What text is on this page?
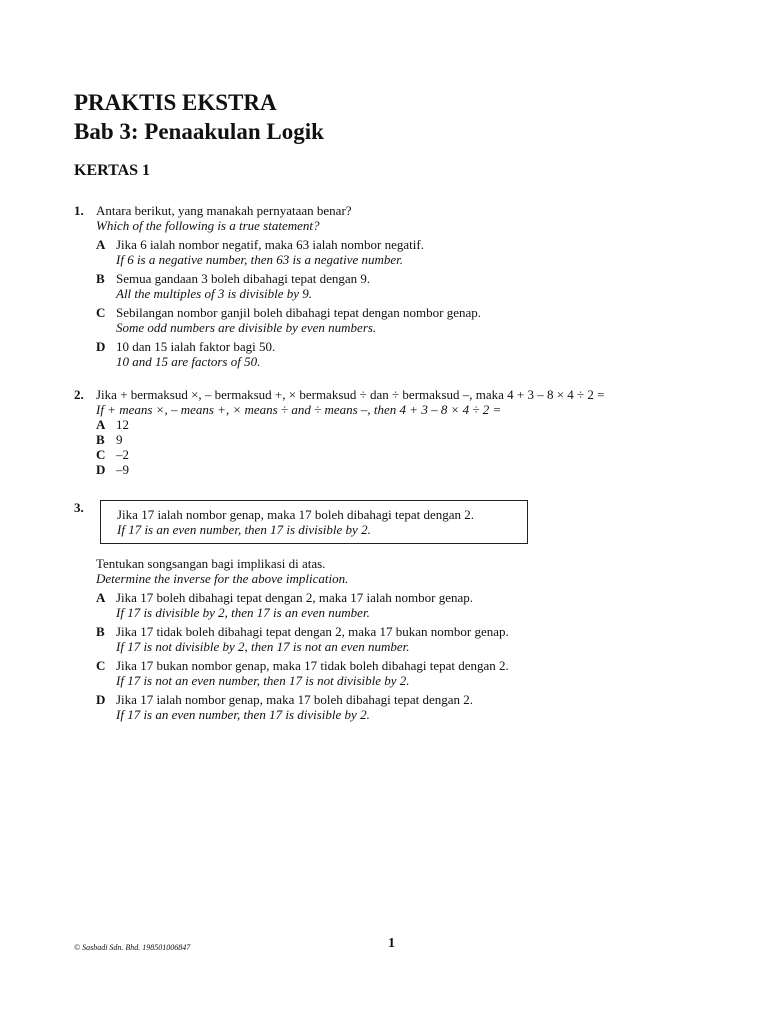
PRAKTIS EKSTRA
Bab 3: Penaakulan Logik
KERTAS 1
1. Antara berikut, yang manakah pernyataan benar?
Which of the following is a true statement?
A Jika 6 ialah nombor negatif, maka 63 ialah nombor negatif.
If 6 is a negative number, then 63 is a negative number.
B Semua gandaan 3 boleh dibahagi tepat dengan 9.
All the multiples of 3 is divisible by 9.
C Sebilangan nombor ganjil boleh dibahagi tepat dengan nombor genap.
Some odd numbers are divisible by even numbers.
D 10 dan 15 ialah faktor bagi 50.
10 and 15 are factors of 50.
2. Jika + bermaksud ×, – bermaksud +, × bermaksud ÷ dan ÷ bermaksud –, maka 4 + 3 – 8 × 4 ÷ 2 =
If + means ×, – means +, × means ÷ and ÷ means –, then 4 + 3 – 8 × 4 ÷ 2 =
A 12
B 9
C –2
D –9
3.	Jika 17 ialah nombor genap, maka 17 boleh dibahagi tepat dengan 2.
If 17 is an even number, then 17 is divisible by 2.
Tentukan songsangan bagi implikasi di atas.
Determine the inverse for the above implication.
A Jika 17 boleh dibahagi tepat dengan 2, maka 17 ialah nombor genap.
If 17 is divisible by 2, then 17 is an even number.
B Jika 17 tidak boleh dibahagi tepat dengan 2, maka 17 bukan nombor genap.
If 17 is not divisible by 2, then 17 is not an even number.
C Jika 17 bukan nombor genap, maka 17 tidak boleh dibahagi tepat dengan 2.
If 17 is not an even number, then 17 is not divisible by 2.
D Jika 17 ialah nombor genap, maka 17 boleh dibahagi tepat dengan 2.
If 17 is an even number, then 17 is divisible by 2.
© Sasbadi Sdn. Bhd. 198501006847	1
